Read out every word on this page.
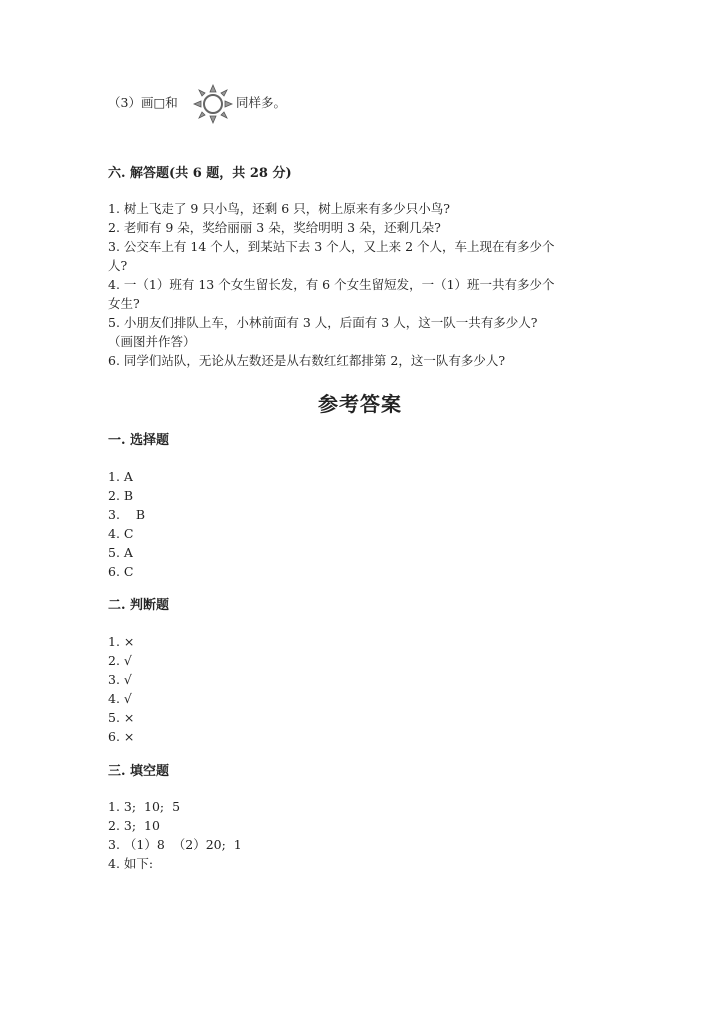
（3）画□和	同样多。
六. 解答题(共 6 题，共 28 分)
1. 树上飞走了 9 只小鸟，还剩 6 只，树上原来有多少只小鸟?
2. 老师有 9 朵，奖给丽丽 3 朵，奖给明明 3 朵，还剩几朵?
3. 公交车上有 14 个人，到某站下去 3 个人，又上来 2 个人，车上现在有多少个
人?
4. 一（1）班有 13 个女生留长发，有 6 个女生留短发，一（1）班一共有多少个
女生?
5. 小朋友们排队上车，小林前面有 3 人，后面有 3 人，这一队一共有多少人?
（画图并作答）
6. 同学们站队，无论从左数还是从右数红红都排第 2，这一队有多少人?
参考答案
一. 选择题
1. A
2. B
3.    B
4. C
5. A
6. C
二. 判断题
1. ×
2. √
3. √
4. √
5. ×
6. ×
三. 填空题
1. 3;  10;  5
2. 3;  10
3. （1）8  （2）20;  1
4. 如下:
